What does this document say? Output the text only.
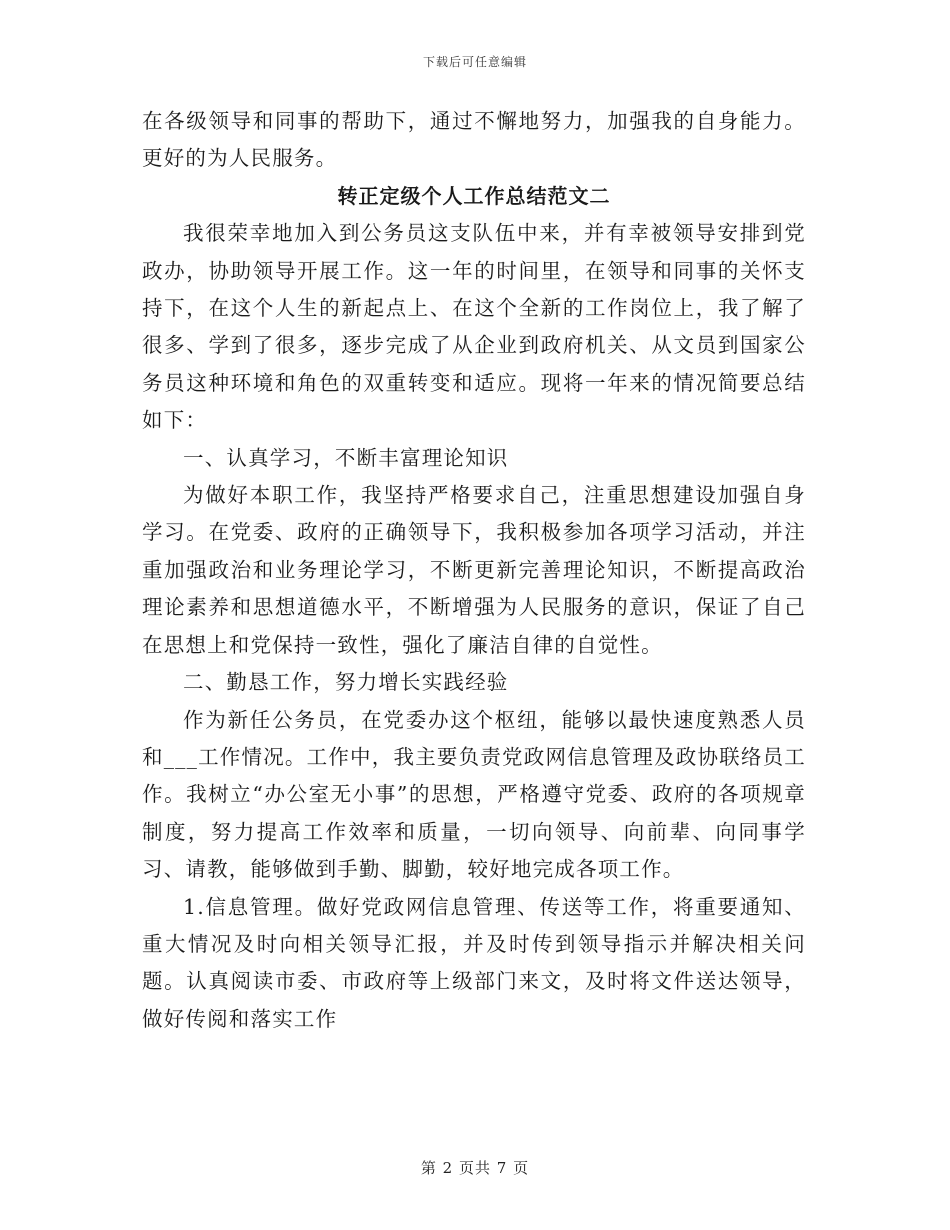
下载后可任意编辑

在各级领导和同事的帮助下，通过不懈地努力，加强我的自身能力。更好的为人民服务。

转正定级个人工作总结范文二

我很荣幸地加入到公务员这支队伍中来，并有幸被领导安排到党政办，协助领导开展工作。这一年的时间里，在领导和同事的关怀支持下，在这个人生的新起点上、在这个全新的工作岗位上，我了解了很多、学到了很多，逐步完成了从企业到政府机关、从文员到国家公务员这种环境和角色的双重转变和适应。现将一年来的情况简要总结如下：

一、认真学习，不断丰富理论知识

为做好本职工作，我坚持严格要求自己，注重思想建设加强自身学习。在党委、政府的正确领导下，我积极参加各项学习活动，并注重加强政治和业务理论学习，不断更新完善理论知识，不断提高政治理论素养和思想道德水平，不断增强为人民服务的意识，保证了自己在思想上和党保持一致性，强化了廉洁自律的自觉性。

二、勤恳工作，努力增长实践经验

作为新任公务员，在党委办这个枢纽，能够以最快速度熟悉人员和___工作情况。工作中，我主要负责党政网信息管理及政协联络员工作。我树立“办公室无小事”的思想，严格遵守党委、政府的各项规章制度，努力提高工作效率和质量，一切向领导、向前辈、向同事学习、请教，能够做到手勤、脚勤，较好地完成各项工作。

1.信息管理。做好党政网信息管理、传送等工作，将重要通知、重大情况及时向相关领导汇报，并及时传到领导指示并解决相关问题。认真阅读市委、市政府等上级部门来文，及时将文件送达领导，做好传阅和落实工作

第 2 页共 7 页
